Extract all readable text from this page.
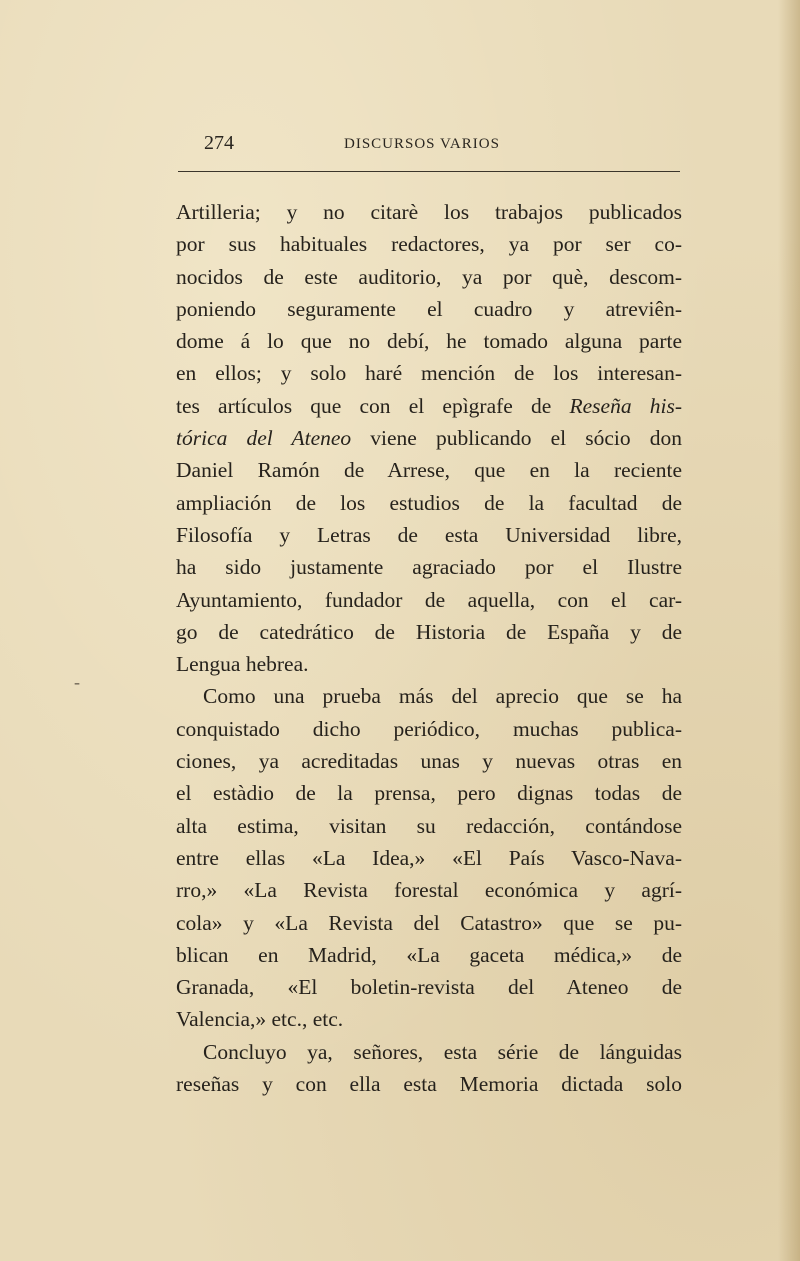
274	DISCURSOS VARIOS
-
Artilleria; y no citarè los trabajos publicados
por sus habituales redactores, ya por ser co-
nocidos de este auditorio, ya por què, descom-
poniendo seguramente el cuadro y atreviên-
dome á lo que no debí, he tomado alguna parte
en ellos; y solo haré mención de los interesan-
tes artículos que con el epìgrafe de Reseña his-
tórica del Ateneo viene publicando el sócio don
Daniel Ramón de Arrese, que en la reciente
ampliación de los estudios de la facultad de
Filosofía y Letras de esta Universidad libre,
ha sido justamente agraciado por el Ilustre
Ayuntamiento, fundador de aquella, con el car-
go de catedrático de Historia de España y de
Lengua hebrea.
Como una prueba más del aprecio que se ha
conquistado dicho periódico, muchas publica-
ciones, ya acreditadas unas y nuevas otras en
el estàdio de la prensa, pero dignas todas de
alta estima, visitan su redacción, contándose
entre ellas «La Idea,» «El País Vasco-Nava-
rro,» «La Revista forestal económica y agrí-
cola» y «La Revista del Catastro» que se pu-
blican en Madrid, «La gaceta médica,» de
Granada, «El boletin-revista del Ateneo de
Valencia,» etc., etc.
Concluyo ya, señores, esta série de lánguidas
reseñas y con ella esta Memoria dictada solo
